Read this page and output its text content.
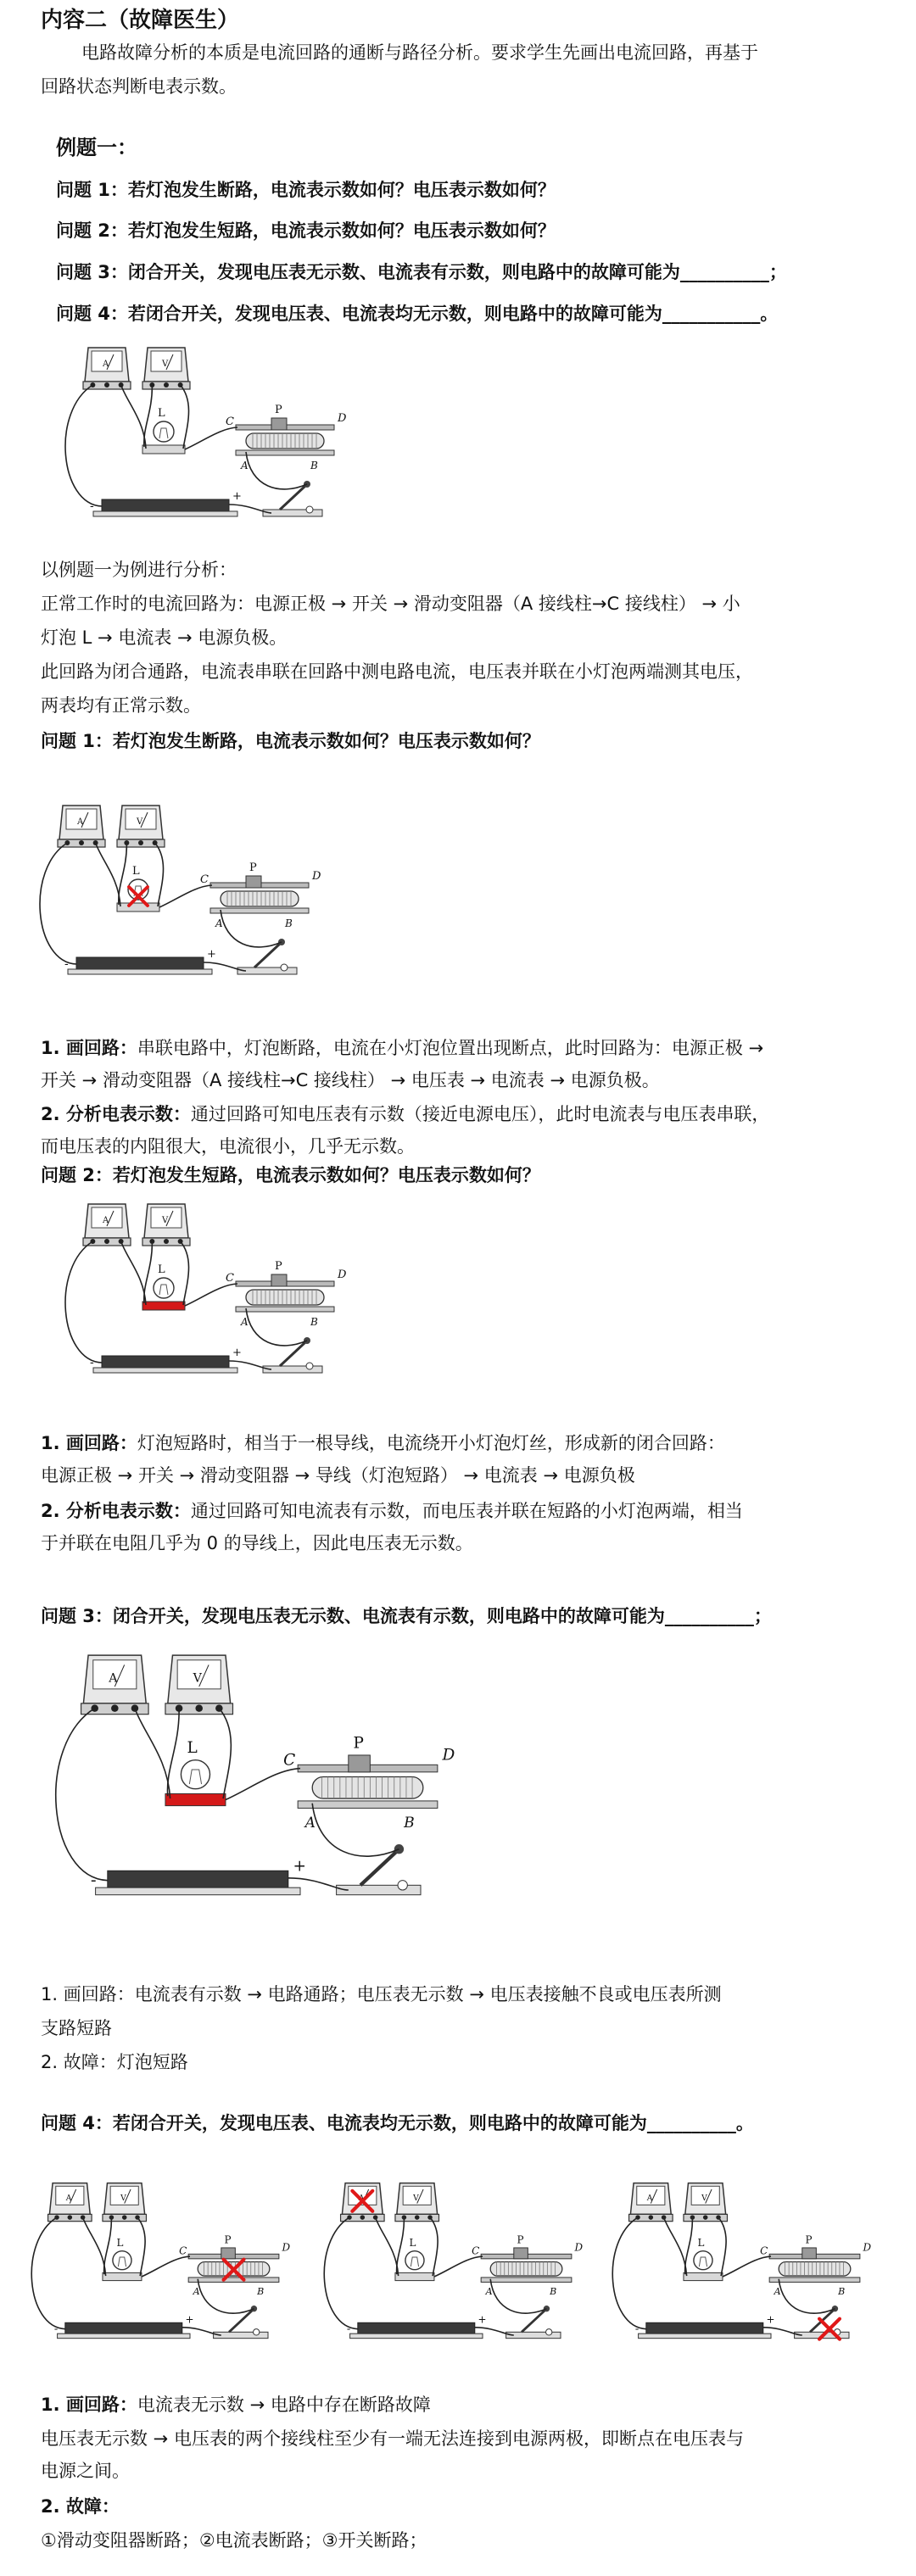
内容二（故障医生）
电路故障分析的本质是电流回路的通断与路径分析。要求学生先画出电流回路，再基于
回路状态判断电表示数。
例题一：
问题 1：若灯泡发生断路，电流表示数如何？电压表示数如何？
问题 2：若灯泡发生短路，电流表示数如何？电压表示数如何？
问题 3：闭合开关，发现电压表无示数、电流表有示数，则电路中的故障可能为__________；
问题 4：若闭合开关，发现电压表、电流表均无示数，则电路中的故障可能为___________。
A	V
L	P
C	D
A	B
-
+
以例题一为例进行分析：
正常工作时的电流回路为：电源正极 → 开关 → 滑动变阻器（A 接线柱→C 接线柱） → 小
灯泡 L → 电流表 → 电源负极。
此回路为闭合通路，电流表串联在回路中测电路电流，电压表并联在小灯泡两端测其电压，
两表均有正常示数。
问题 1：若灯泡发生断路，电流表示数如何？电压表示数如何？
A	V
L	P
C	D
A	B
-
+
1. 画回路：串联电路中，灯泡断路，电流在小灯泡位置出现断点，此时回路为：电源正极 →
开关 → 滑动变阻器（A 接线柱→C 接线柱） → 电压表 → 电流表 → 电源负极。
2. 分析电表示数：通过回路可知电压表有示数（接近电源电压），此时电流表与电压表串联，
而电压表的内阻很大，电流很小，几乎无示数。
问题 2：若灯泡发生短路，电流表示数如何？电压表示数如何？
A	V
L	P
C	D
A	B
-
+
1. 画回路：灯泡短路时，相当于一根导线，电流绕开小灯泡灯丝，形成新的闭合回路：
电源正极 → 开关 → 滑动变阻器 → 导线（灯泡短路） → 电流表 → 电源负极
2. 分析电表示数：通过回路可知电流表有示数，而电压表并联在短路的小灯泡两端，相当
于并联在电阻几乎为 0 的导线上，因此电压表无示数。
问题 3：闭合开关，发现电压表无示数、电流表有示数，则电路中的故障可能为__________；
A	V
L	P
C	D
A	B
-
+
1. 画回路：电流表有示数 → 电路通路；电压表无示数 → 电压表接触不良或电压表所测
支路短路
2. 故障：灯泡短路
问题 4：若闭合开关，发现电压表、电流表均无示数，则电路中的故障可能为__________。
A	V
L	P
C	D
A	B
-
+
V
L	P
C	D
A	B
-
+
A	V
L	P
C	D
A	B
-
+
1. 画回路：电流表无示数 → 电路中存在断路故障
电压表无示数 → 电压表的两个接线柱至少有一端无法连接到电源两极，即断点在电压表与
电源之间。
2. 故障：
①滑动变阻器断路；②电流表断路；③开关断路；
